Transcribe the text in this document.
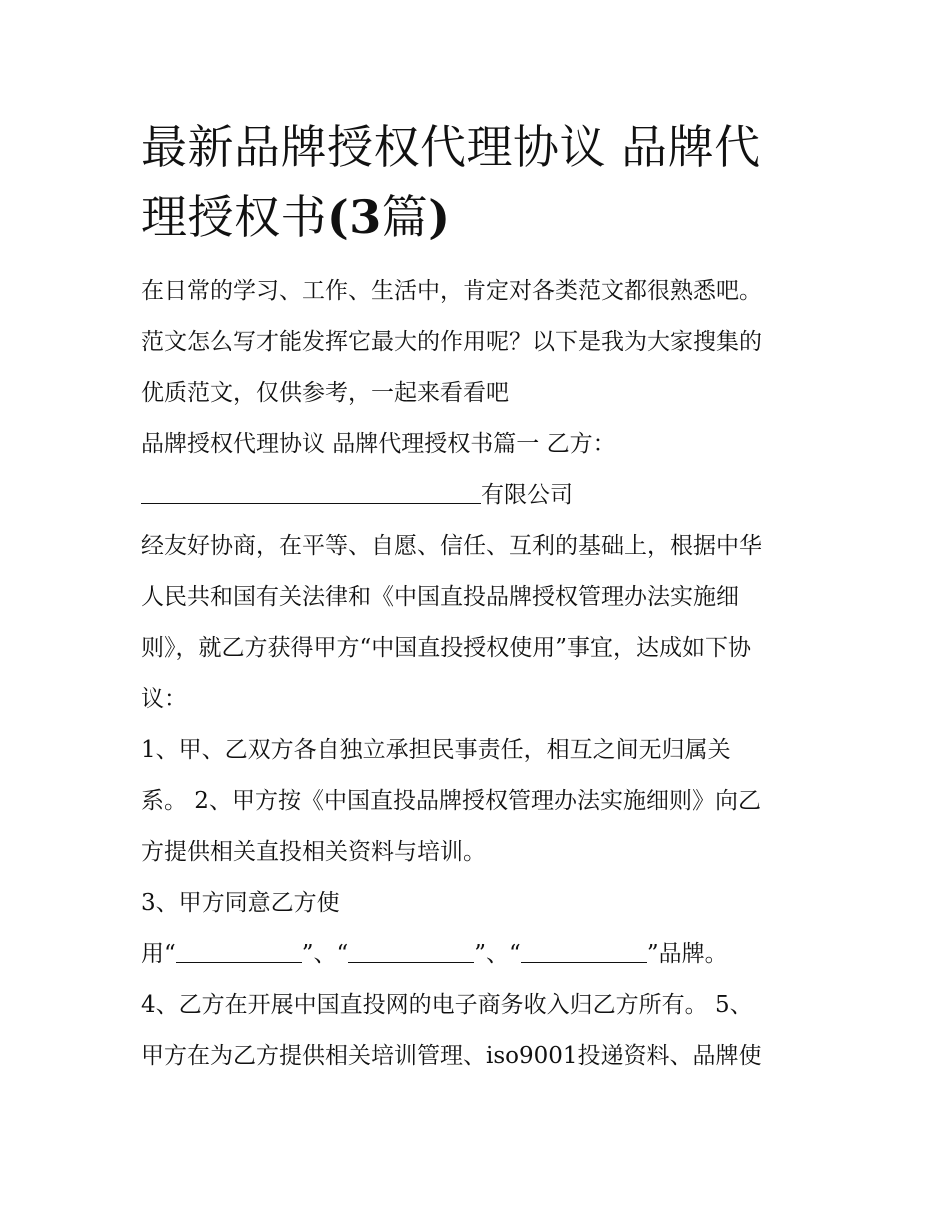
最新品牌授权代理协议 品牌代
理授权书(3篇)

在日常的学习、工作、生活中，肯定对各类范文都很熟悉吧。
范文怎么写才能发挥它最大的作用呢？以下是我为大家搜集的
优质范文，仅供参考，一起来看看吧

品牌授权代理协议 品牌代理授权书篇一 乙方：

有限公司

经友好协商，在平等、自愿、信任、互利的基础上，根据中华
人民共和国有关法律和《中国直投品牌授权管理办法实施细
则》，就乙方获得甲方“中国直投授权使用”事宜，达成如下协
议：

1、甲、乙双方各自独立承担民事责任，相互之间无归属关
系。 2、甲方按《中国直投品牌授权管理办法实施细则》向乙
方提供相关直投相关资料与培训。

3、甲方同意乙方使
用“	”、“	”、“	”品牌。

4、乙方在开展中国直投网的电子商务收入归乙方所有。 5、
甲方在为乙方提供相关培训管理、iso9001投递资料、品牌使
